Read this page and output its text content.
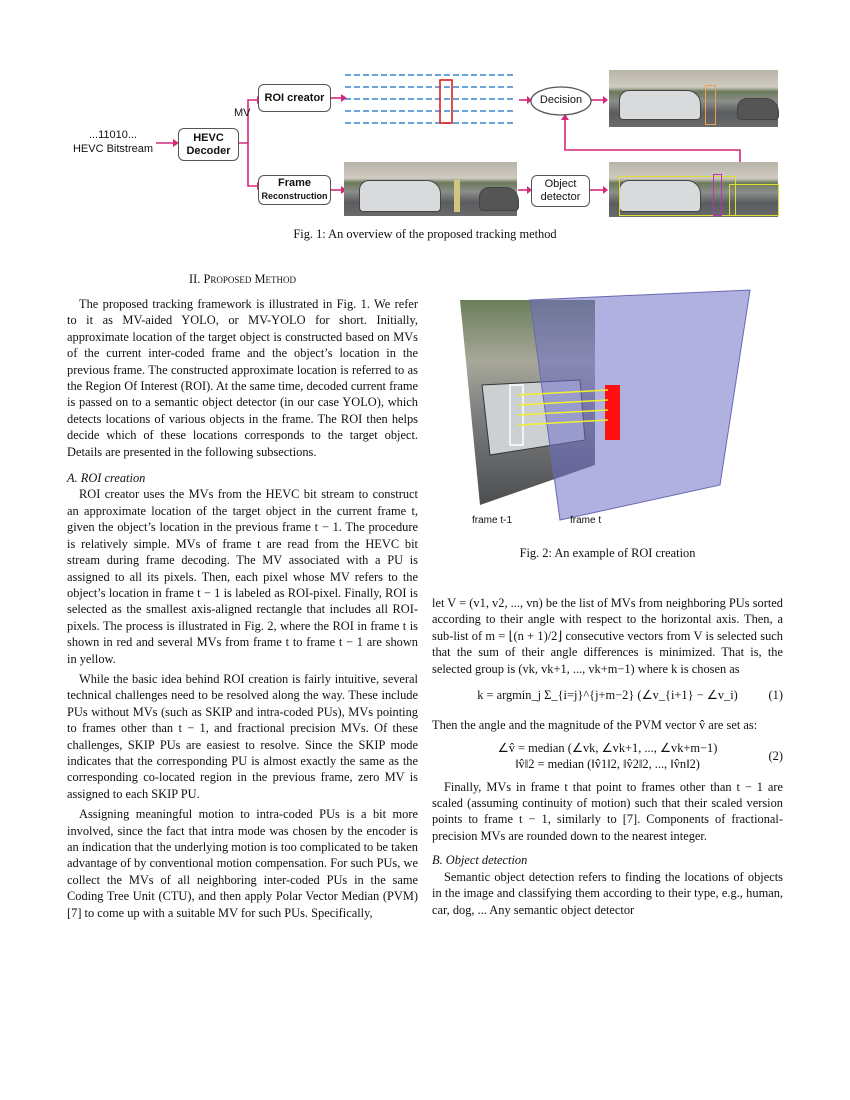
...11010...
HEVC Bitstream
HEVC
Decoder
MV
ROI creator
Frame
Reconstruction
Decision
Object
detector
Fig. 1: An overview of the proposed tracking method
II. Proposed Method

The proposed tracking framework is illustrated in Fig. 1. We refer to it as MV-aided YOLO, or MV-YOLO for short. Initially, approximate location of the target object is constructed based on MVs of the current inter-coded frame and the object’s location in the previous frame. The constructed approximate location is referred to as the Region Of Interest (ROI). At the same time, decoded current frame is passed on to a semantic object detector (in our case YOLO), which detects locations of various objects in the frame. The ROI then helps decide which of these locations corresponds to the target object. Details are presented in the following subsections.

A. ROI creation

ROI creator uses the MVs from the HEVC bit stream to construct an approximate location of the target object in the current frame t, given the object’s location in the previous frame t − 1. The procedure is relatively simple. MVs of frame t are read from the HEVC bit stream during frame decoding. The MV associated with a PU is assigned to all its pixels. Then, each pixel whose MV refers to the object’s location in frame t − 1 is labeled as ROI-pixel. Finally, ROI is selected as the smallest axis-aligned rectangle that includes all ROI-pixels. The process is illustrated in Fig. 2, where the ROI in frame t is shown in red and several MVs from frame t to frame t − 1 are shown in yellow.

While the basic idea behind ROI creation is fairly intuitive, several technical challenges need to be resolved along the way. These include PUs without MVs (such as SKIP and intra-coded PUs), MVs pointing to frames other than t − 1, and fractional precision MVs. Of these challenges, SKIP PUs are easiest to resolve. Since the SKIP mode indicates that the corresponding PU is almost exactly the same as the corresponding co-located region in the previous frame, zero MV is assigned to each SKIP PU.

Assigning meaningful motion to intra-coded PUs is a bit more involved, since the fact that intra mode was chosen by the encoder is an indication that the underlying motion is too complicated to be taken advantage of by conventional motion compensation. For such PUs, we collect the MVs of all neighboring inter-coded PUs in the same Coding Tree Unit (CTU), and then apply Polar Vector Median (PVM) [7] to come up with a suitable MV for such PUs. Specifically,

frame t-1	frame t
Fig. 2: An example of ROI creation

let V = (v1, v2, ..., vn) be the list of MVs from neighboring PUs sorted according to their angle with respect to the horizontal axis. Then, a sub-list of m = ⌊(n + 1)/2⌋ consecutive vectors from V is selected such that the sum of their angle differences is minimized. That is, the selected group is (vk, vk+1, ..., vk+m−1) where k is chosen as

k = argmin_j Σ_{i=j}^{j+m−2} (∠v_{i+1} − ∠v_i) (1)

Then the angle and the magnitude of the PVM vector v̂ are set as:

∠v̂ = median (∠vk, ∠vk+1, ..., ∠vk+m−1)
‖v̂‖2 = median (‖v̂1‖2, ‖v̂2‖2, ..., ‖v̂n‖2)
(2)

Finally, MVs in frame t that point to frames other than t − 1 are scaled (assuming continuity of motion) such that their scaled version points to frame t − 1, similarly to [7]. Components of fractional-precision MVs are rounded down to the nearest integer.

B. Object detection

Semantic object detection refers to finding the locations of objects in the image and classifying them according to their type, e.g., human, car, dog, ... Any semantic object detector
